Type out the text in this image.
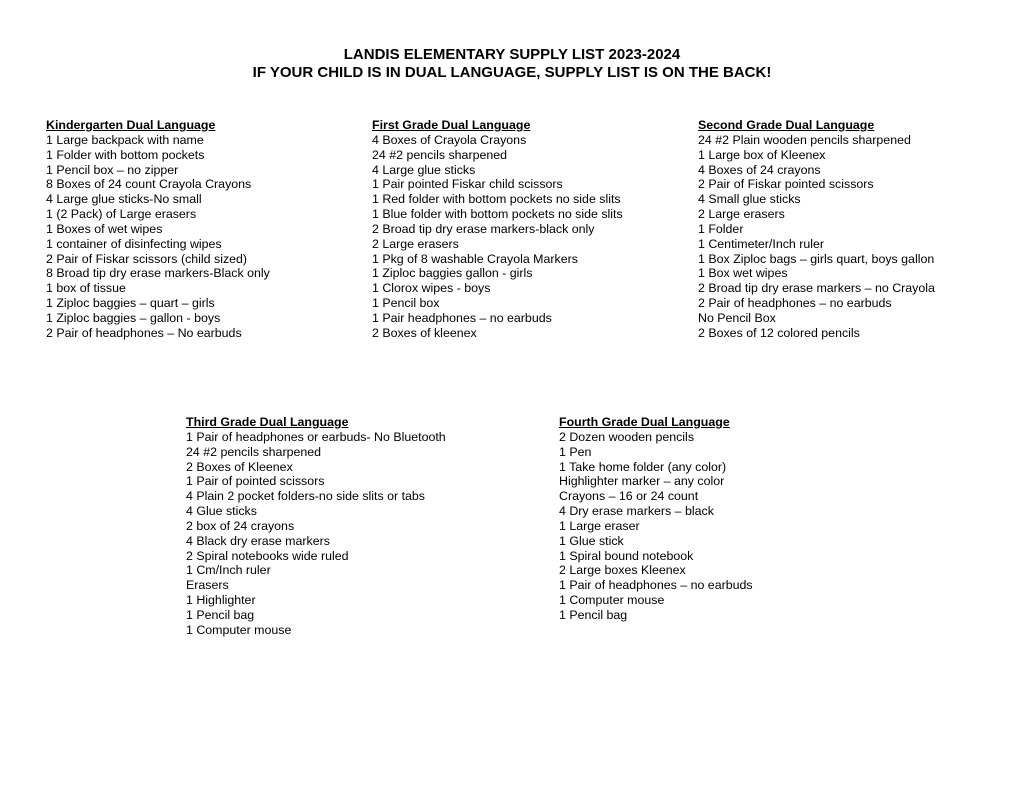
LANDIS ELEMENTARY SUPPLY LIST 2023-2024
IF YOUR CHILD IS IN DUAL LANGUAGE, SUPPLY LIST IS ON THE BACK!
Kindergarten Dual Language
1 Large backpack with name
1 Folder with bottom pockets
1 Pencil box – no zipper
8 Boxes of 24 count Crayola Crayons
4 Large glue sticks-No small
1 (2 Pack) of Large erasers
1 Boxes of wet wipes
1 container of disinfecting wipes
2 Pair of Fiskar scissors (child sized)
8 Broad tip dry erase markers-Black only
1 box of tissue
1 Ziploc baggies – quart – girls
1 Ziploc baggies – gallon - boys
2 Pair of headphones – No earbuds
First Grade Dual Language
4 Boxes of Crayola Crayons
24 #2 pencils sharpened
4 Large glue sticks
1 Pair pointed Fiskar child scissors
1 Red folder with bottom pockets no side slits
1 Blue folder with bottom pockets no side slits
2 Broad tip dry erase markers-black only
2 Large erasers
1 Pkg of 8 washable Crayola Markers
1 Ziploc baggies gallon - girls
1 Clorox wipes - boys
1 Pencil box
1 Pair headphones – no earbuds
2 Boxes of kleenex
Second Grade Dual Language
24 #2 Plain wooden pencils sharpened
1 Large box of Kleenex
4 Boxes of 24 crayons
2 Pair of Fiskar pointed scissors
4 Small glue sticks
2 Large erasers
1 Folder
1 Centimeter/Inch ruler
1 Box Ziploc bags – girls quart, boys gallon
1 Box wet wipes
2 Broad tip dry erase markers – no Crayola
2 Pair of headphones – no earbuds
No Pencil Box
2 Boxes of 12 colored pencils
Third Grade Dual Language
1 Pair of headphones or earbuds- No Bluetooth
24 #2 pencils sharpened
2 Boxes of Kleenex
1 Pair of pointed scissors
4 Plain 2 pocket folders-no side slits or tabs
4 Glue sticks
2 box of 24 crayons
4 Black dry erase markers
2 Spiral notebooks wide ruled
1 Cm/Inch ruler
Erasers
1 Highlighter
1 Pencil bag
1 Computer mouse
Fourth Grade Dual Language
2 Dozen wooden pencils
1 Pen
1 Take home folder (any color)
Highlighter marker – any color
Crayons – 16 or 24 count
4 Dry erase markers – black
1 Large eraser
1 Glue stick
1 Spiral bound notebook
2 Large boxes Kleenex
1 Pair of headphones – no earbuds
1 Computer mouse
1 Pencil bag
